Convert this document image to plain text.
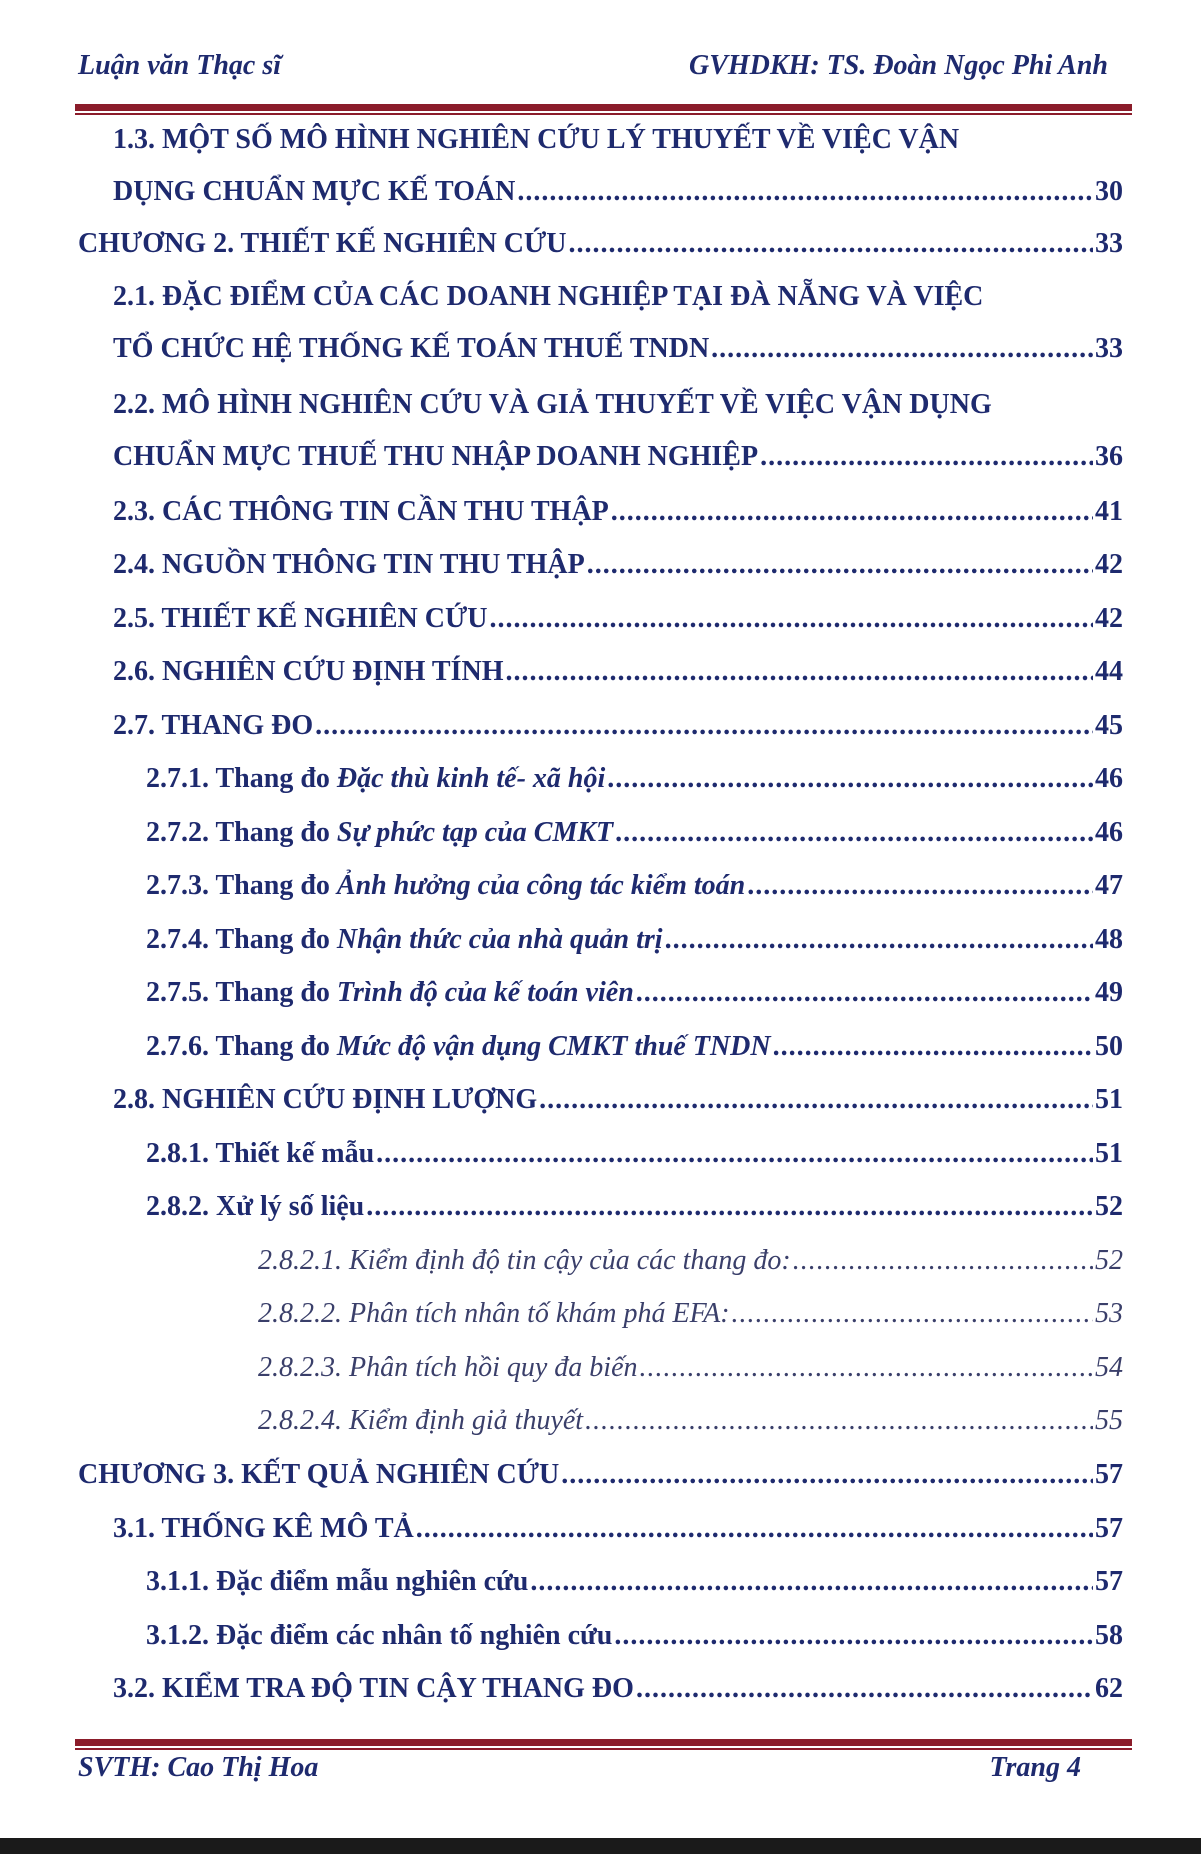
Luận văn Thạc sĩ	GVHDKH: TS. Đoàn Ngọc Phi Anh
1.3. MỘT SỐ MÔ HÌNH NGHIÊN CỨU LÝ THUYẾT VỀ VIỆC VẬN
DỤNG CHUẨN MỰC KẾ TOÁN .....	30
CHƯƠNG 2. THIẾT KẾ NGHIÊN CỨU .....	33
2.1. ĐẶC ĐIỂM CỦA CÁC DOANH NGHIỆP TẠI ĐÀ NẴNG VÀ VIỆC
TỔ CHỨC HỆ THỐNG KẾ TOÁN THUẾ TNDN .....	33
2.2. MÔ HÌNH NGHIÊN CỨU VÀ GIẢ THUYẾT VỀ VIỆC VẬN DỤNG
CHUẨN MỰC THUẾ THU NHẬP DOANH NGHIỆP .....	36
2.3. CÁC THÔNG TIN CẦN THU THẬP .....	41
2.4. NGUỒN THÔNG TIN THU THẬP .....	42
2.5. THIẾT KẾ NGHIÊN CỨU .....	42
2.6. NGHIÊN CỨU ĐỊNH TÍNH .....	44
2.7. THANG ĐO .....	45
2.7.1. Thang đo Đặc thù kinh tế- xã hội .....	46
2.7.2. Thang đo Sự phức tạp của CMKT .....	46
2.7.3. Thang đo Ảnh hưởng của công tác kiểm toán .....	47
2.7.4. Thang đo Nhận thức của nhà quản trị .....	48
2.7.5. Thang đo Trình độ của kế toán viên .....	49
2.7.6. Thang đo Mức độ vận dụng CMKT thuế TNDN .....	50
2.8. NGHIÊN CỨU ĐỊNH LƯỢNG .....	51
2.8.1. Thiết kế mẫu .....	51
2.8.2. Xử lý số liệu .....	52
2.8.2.1. Kiểm định độ tin cậy của các thang đo: .....	52
2.8.2.2. Phân tích nhân tố khám phá EFA: .....	53
2.8.2.3. Phân tích hồi quy đa biến .....	54
2.8.2.4. Kiểm định giả thuyết .....	55
CHƯƠNG 3. KẾT QUẢ NGHIÊN CỨU .....	57
3.1. THỐNG KÊ MÔ TẢ .....	57
3.1.1. Đặc điểm mẫu nghiên cứu .....	57
3.1.2. Đặc điểm các nhân tố nghiên cứu .....	58
3.2. KIỂM TRA ĐỘ TIN CẬY THANG ĐO .....	62
SVTH: Cao Thị Hoa	Trang 4
